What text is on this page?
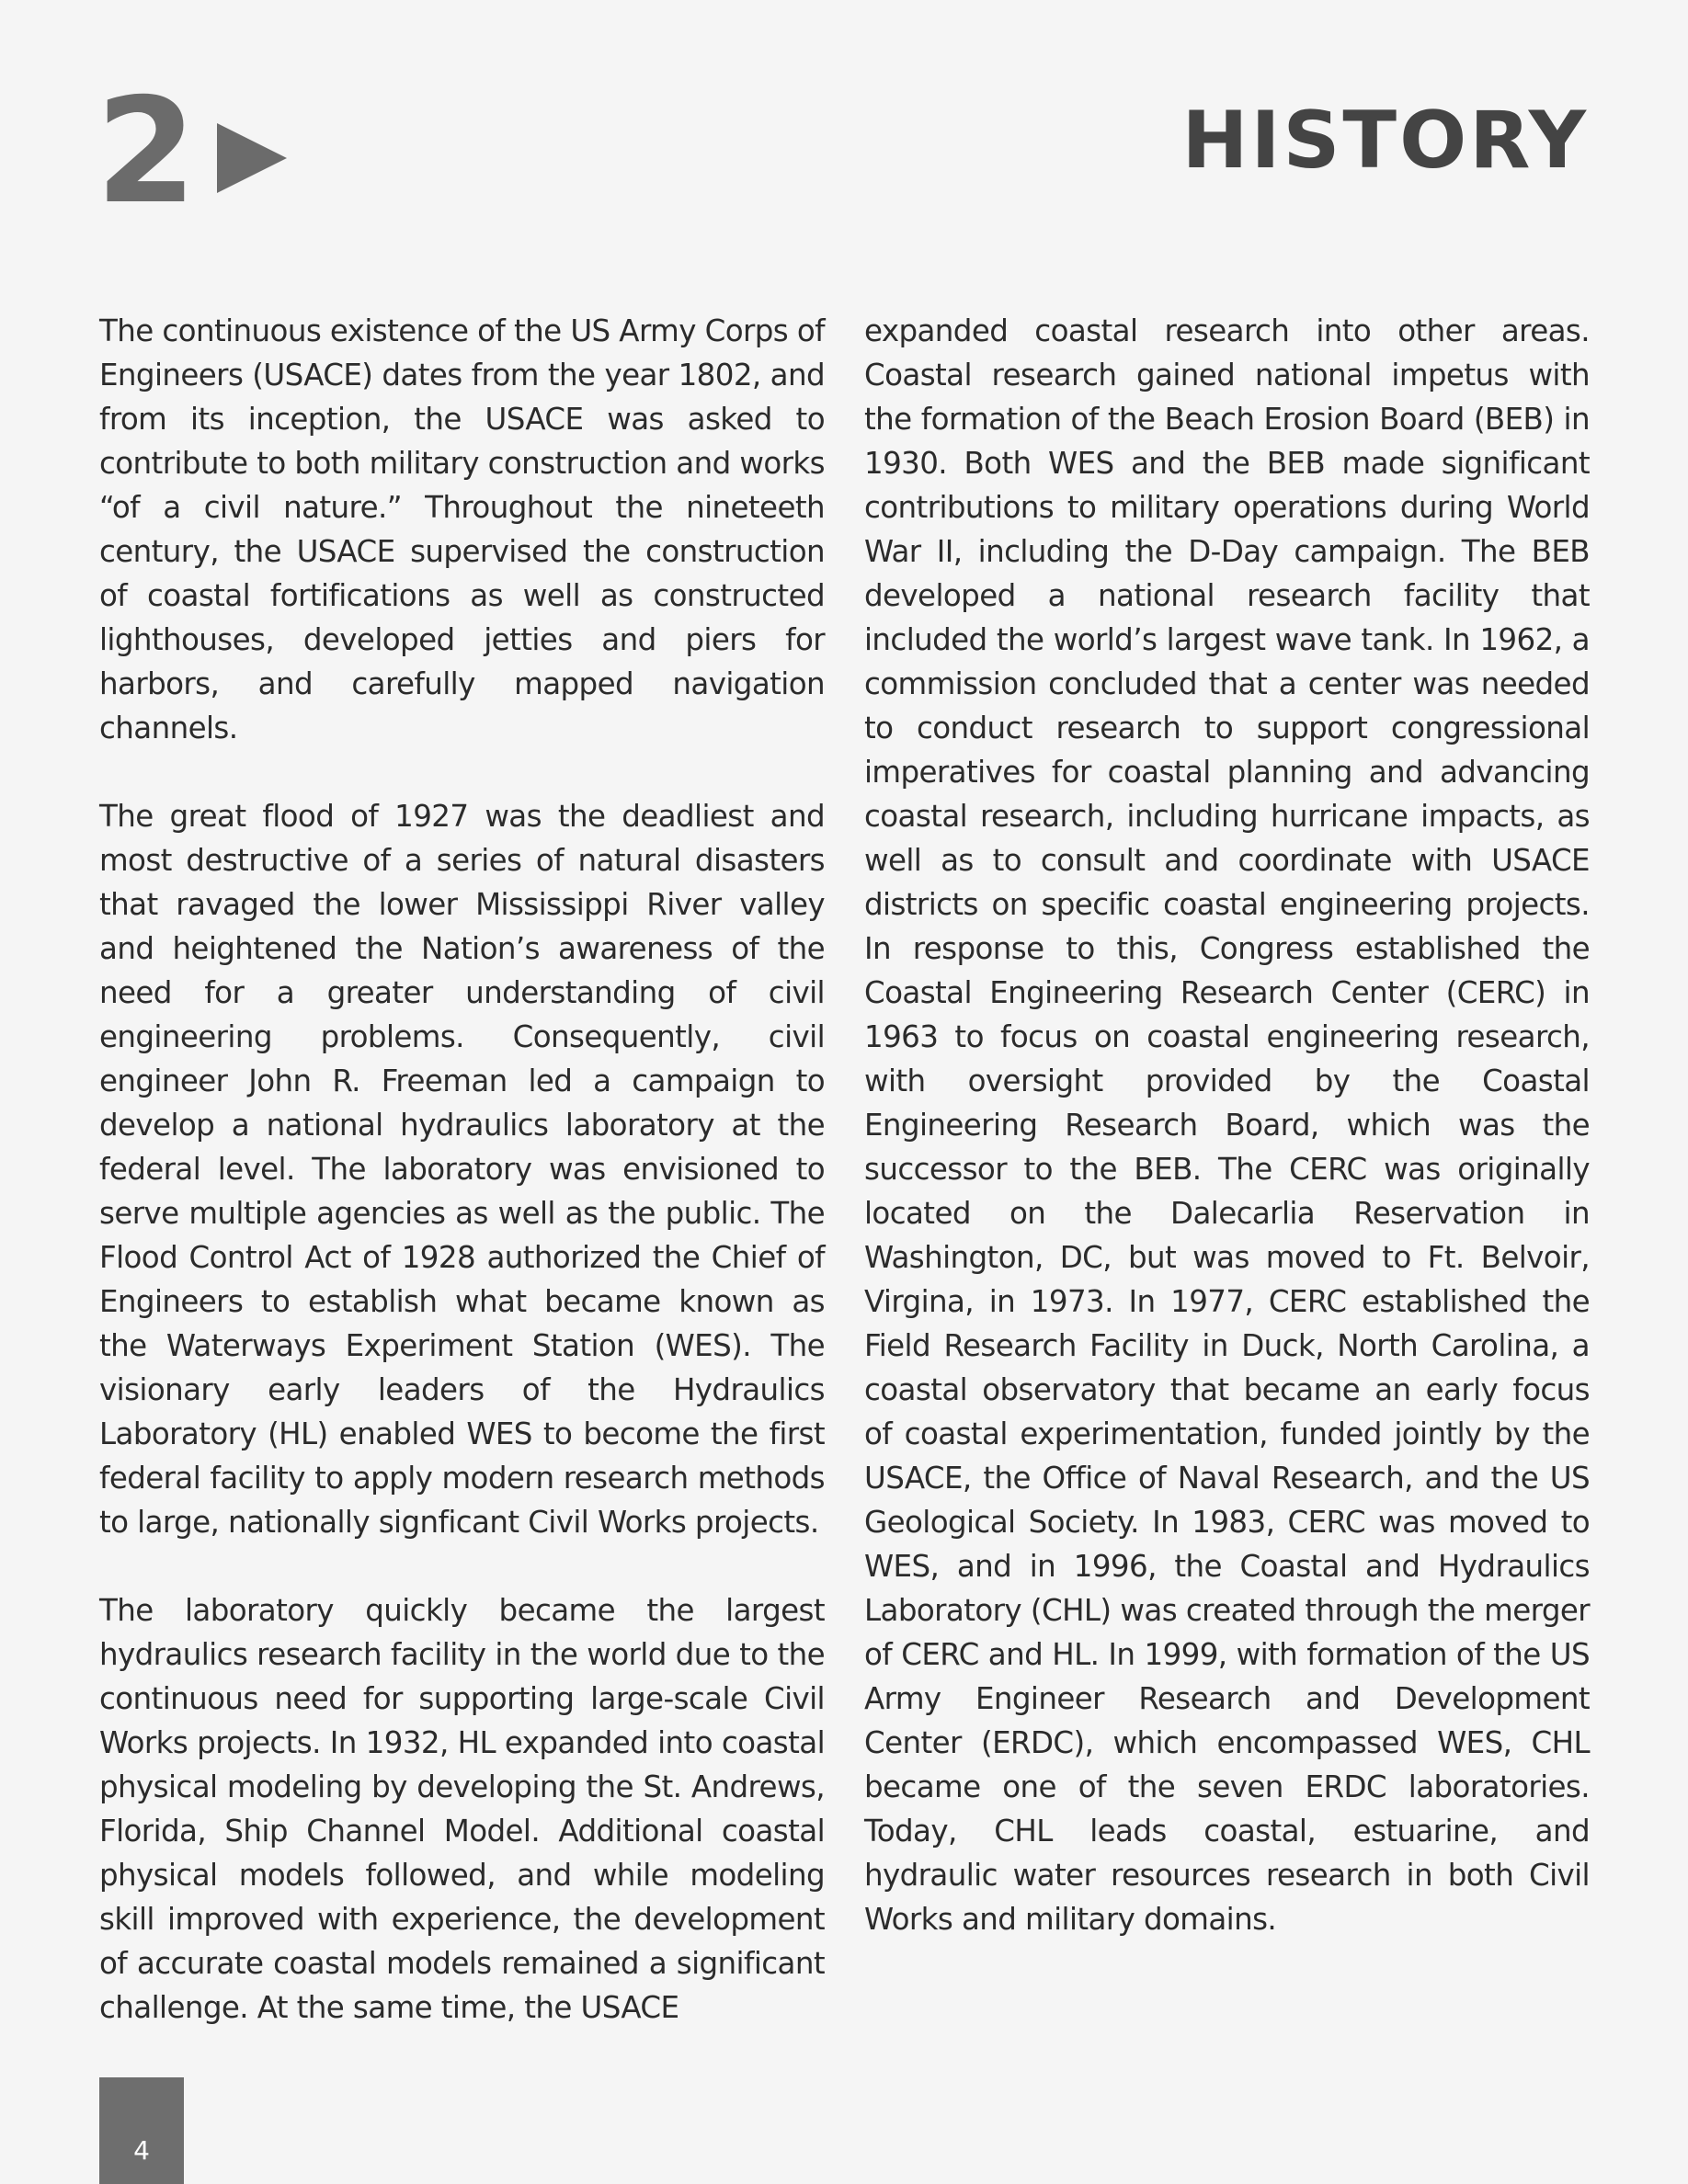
2	HISTORY

The continuous existence of the US Army Corps of Engineers (USACE) dates from the year 1802, and from its inception, the USACE was asked to contribute to both military construction and works “of a civil nature.” Throughout the nineteeth century, the USACE supervised the construction of coastal fortifications as well as constructed lighthouses, developed jetties and piers for harbors, and carefully mapped navigation channels.

The great flood of 1927 was the deadliest and most destructive of a series of natural disasters that ravaged the lower Mississippi River valley and heightened the Nation’s awareness of the need for a greater understanding of civil engineering problems. Consequently, civil engineer John R. Freeman led a campaign to develop a national hydraulics laboratory at the federal level. The laboratory was envisioned to serve multiple agencies as well as the public. The Flood Control Act of 1928 authorized the Chief of Engineers to establish what became known as the Waterways Experiment Station (WES). The visionary early leaders of the Hydraulics Laboratory (HL) enabled WES to become the first federal facility to apply modern research methods to large, nationally signficant Civil Works projects.

The laboratory quickly became the largest hydraulics research facility in the world due to the continuous need for supporting large-scale Civil Works projects. In 1932, HL expanded into coastal physical modeling by developing the St. Andrews, Florida, Ship Channel Model. Additional coastal physical models followed, and while modeling skill improved with experience, the development of accurate coastal models remained a significant challenge. At the same time, the USACE

expanded coastal research into other areas. Coastal research gained national impetus with the formation of the Beach Erosion Board (BEB) in 1930. Both WES and the BEB made significant contributions to military operations during World War II, including the D-Day campaign. The BEB developed a national research facility that included the world’s largest wave tank. In 1962, a commission concluded that a center was needed to conduct research to support congressional imperatives for coastal planning and advancing coastal research, including hurricane impacts, as well as to consult and coordinate with USACE districts on specific coastal engineering projects. In response to this, Congress established the Coastal Engineering Research Center (CERC) in 1963 to focus on coastal engineering research, with oversight provided by the Coastal Engineering Research Board, which was the successor to the BEB. The CERC was originally located on the Dalecarlia Reservation in Washington, DC, but was moved to Ft. Belvoir, Virgina, in 1973. In 1977, CERC established the Field Research Facility in Duck, North Carolina, a coastal observatory that became an early focus of coastal experimentation, funded jointly by the USACE, the Office of Naval Research, and the US Geological Society. In 1983, CERC was moved to WES, and in 1996, the Coastal and Hydraulics Laboratory (CHL) was created through the merger of CERC and HL. In 1999, with formation of the US Army Engineer Research and Development Center (ERDC), which encompassed WES, CHL became one of the seven ERDC laboratories. Today, CHL leads coastal, estuarine, and hydraulic water resources research in both Civil Works and military domains.

4
